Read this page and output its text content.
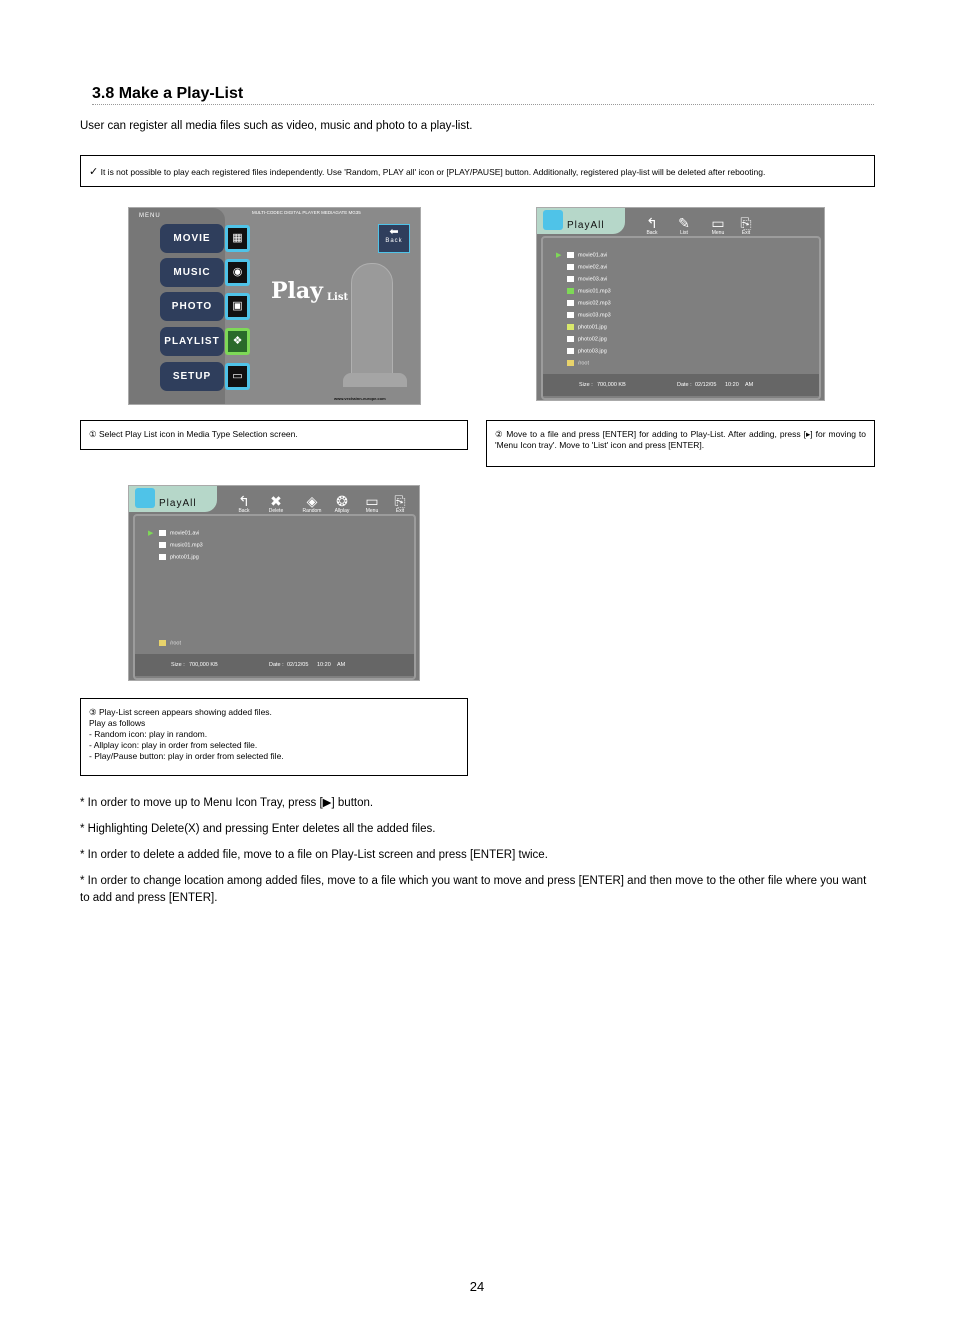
3.8 Make a Play-List
User can register all media files such as video, music and photo to a play-list.
✓ It is not possible to play each registered files independently. Use 'Random, PLAY all' icon or [PLAY/PAUSE] button. Additionally, registered play-list will be deleted after rebooting.
MENU
MULTI-CODEC DIGITAL PLAYER MEDIAGATE MG35
MOVIE	▦
MUSIC	◉
PHOTO	▣
PLAYLIST	❖
SETUP	▭
⬅
Back
Play List
www.vechainn-europe.com
PlayAll	↰
Back
✎
List
▭
Menu
⎘
Exit
▶ movie01.avi
movie02.avi
movie03.avi
music01.mp3
music02.mp3
music03.mp3
photo01.jpg
photo02.jpg
photo03.jpg
/root
Size : 700,000 KB	Date : 02/12/05 10:20 AM
① Select Play List icon in Media Type Selection screen.	② Move to a file and press [ENTER] for adding to Play-List. After adding, press [▸] for moving to 'Menu Icon tray'. Move to 'List' icon and press [ENTER].
PlayAll	↰
Back
✖
Delete
◈
Random
❂
Allplay
▭
Menu
⎘
Exit
▶ movie01.avi
music01.mp3
photo01.jpg
/root
Size : 700,000 KB	Date : 02/12/05 10:20 AM
③ Play-List screen appears showing added files.
Play as follows
- Random icon: play in random.
- Allplay icon: play in order from selected file.
- Play/Pause button: play in order from selected file.
* In order to move up to Menu Icon Tray, press [▶] button.
* Highlighting Delete(X) and pressing Enter deletes all the added files.
* In order to delete a added file, move to a file on Play-List screen and press [ENTER] twice.
* In order to change location among added files, move to a file which you want to move and press [ENTER] and then move to the other file where you want to add and press [ENTER].
24
